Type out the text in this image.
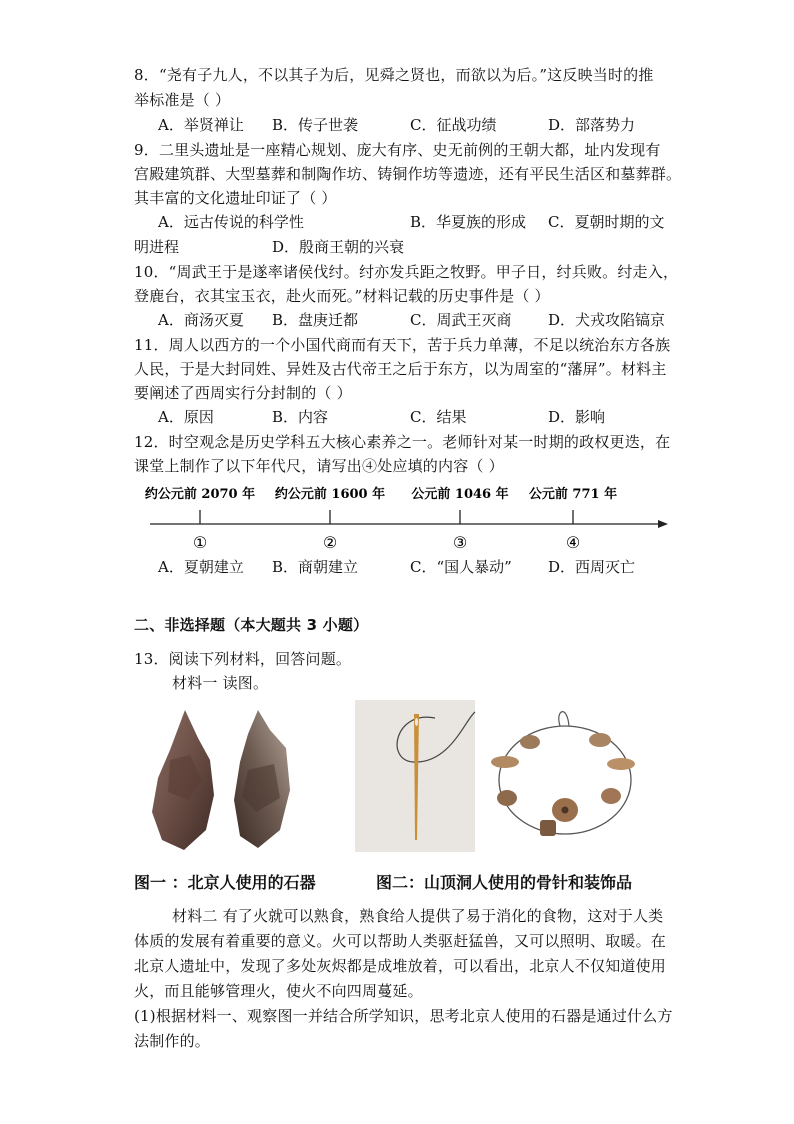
8．“尧有子九人，不以其子为后，见舜之贤也，而欲以为后。”这反映当时的推
举标准是（ ）
A．举贤禅让 B．传子世袭	C．征战功绩	D．部落势力
9．二里头遗址是一座精心规划、庞大有序、史无前例的王朝大都，址内发现有
宫殿建筑群、大型墓葬和制陶作坊、铸铜作坊等遗迹，还有平民生活区和墓葬群。
其丰富的文化遗址印证了（ ）
A．远古传说的科学性	B．华夏族的形成 C．夏朝时期的文
明进程	D．殷商王朝的兴衰
10．“周武王于是遂率诸侯伐纣。纣亦发兵距之牧野。甲子日，纣兵败。纣走入，
登鹿台，衣其宝玉衣，赴火而死。”材料记载的历史事件是（ ）
A．商汤灭夏 B．盘庚迁都	C．周武王灭商 D．犬戎攻陷镐京
11．周人以西方的一个小国代商而有天下，苦于兵力单薄，不足以统治东方各族
人民，于是大封同姓、异姓及古代帝王之后于东方，以为周室的“藩屏”。材料主
要阐述了西周实行分封制的（ ）
A．原因	B．内容	C．结果	D．影响
12．时空观念是历史学科五大核心素养之一。老师针对某一时期的政权更迭，在
课堂上制作了以下年代尺，请写出④处应填的内容（ ）
约公元前 2070 年
①
约公元前 1600 年
②
公元前 1046 年
③
公元前 771 年
④
A．夏朝建立 B．商朝建立	C．“国人暴动” D．西周灭亡
二、非选择题（本大题共 3 小题）
13．阅读下列材料，回答问题。
材料一 读图。
图一 ：北京人使用的石器	图二：山顶洞人使用的骨针和装饰品
材料二 有了火就可以熟食，熟食给人提供了易于消化的食物，这对于人类
体质的发展有着重要的意义。火可以帮助人类驱赶猛兽，又可以照明、取暖。在
北京人遗址中，发现了多处灰烬都是成堆放着，可以看出，北京人不仅知道使用
火，而且能够管理火，使火不向四周蔓延。
(1)根据材料一、观察图一并结合所学知识，思考北京人使用的石器是通过什么方
法制作的。
